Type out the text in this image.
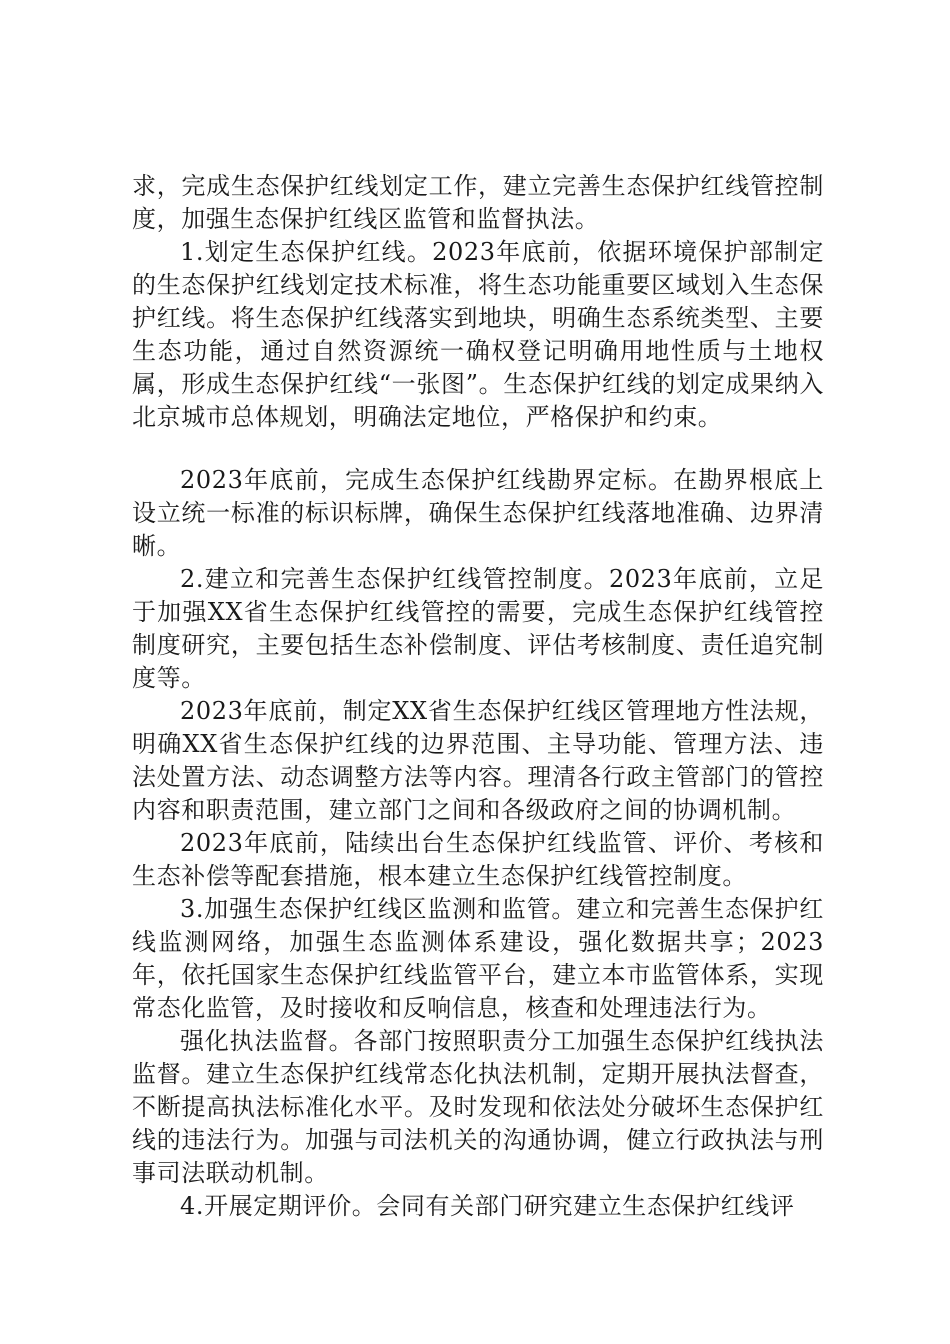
求，完成生态保护红线划定工作，建立完善生态保护红线管控制度，加强生态保护红线区监管和监督执法。

1.划定生态保护红线。2023年底前，依据环境保护部制定的生态保护红线划定技术标准，将生态功能重要区域划入生态保护红线。将生态保护红线落实到地块，明确生态系统类型、主要生态功能，通过自然资源统一确权登记明确用地性质与土地权属，形成生态保护红线“一张图”。生态保护红线的划定成果纳入北京城市总体规划，明确法定地位，严格保护和约束。

2023年底前，完成生态保护红线勘界定标。在勘界根底上设立统一标准的标识标牌，确保生态保护红线落地准确、边界清晰。

2.建立和完善生态保护红线管控制度。2023年底前，立足于加强XX省生态保护红线管控的需要，完成生态保护红线管控制度研究，主要包括生态补偿制度、评估考核制度、责任追究制度等。

2023年底前，制定XX省生态保护红线区管理地方性法规，明确XX省生态保护红线的边界范围、主导功能、管理方法、违法处置方法、动态调整方法等内容。理清各行政主管部门的管控内容和职责范围，建立部门之间和各级政府之间的协调机制。

2023年底前，陆续出台生态保护红线监管、评价、考核和生态补偿等配套措施，根本建立生态保护红线管控制度。

3.加强生态保护红线区监测和监管。建立和完善生态保护红线监测网络，加强生态监测体系建设，强化数据共享；2023年，依托国家生态保护红线监管平台，建立本市监管体系，实现常态化监管，及时接收和反响信息，核查和处理违法行为。

强化执法监督。各部门按照职责分工加强生态保护红线执法监督。建立生态保护红线常态化执法机制，定期开展执法督查，不断提高执法标准化水平。及时发现和依法处分破坏生态保护红线的违法行为。加强与司法机关的沟通协调，健立行政执法与刑事司法联动机制。

4.开展定期评价。会同有关部门研究建立生态保护红线评
